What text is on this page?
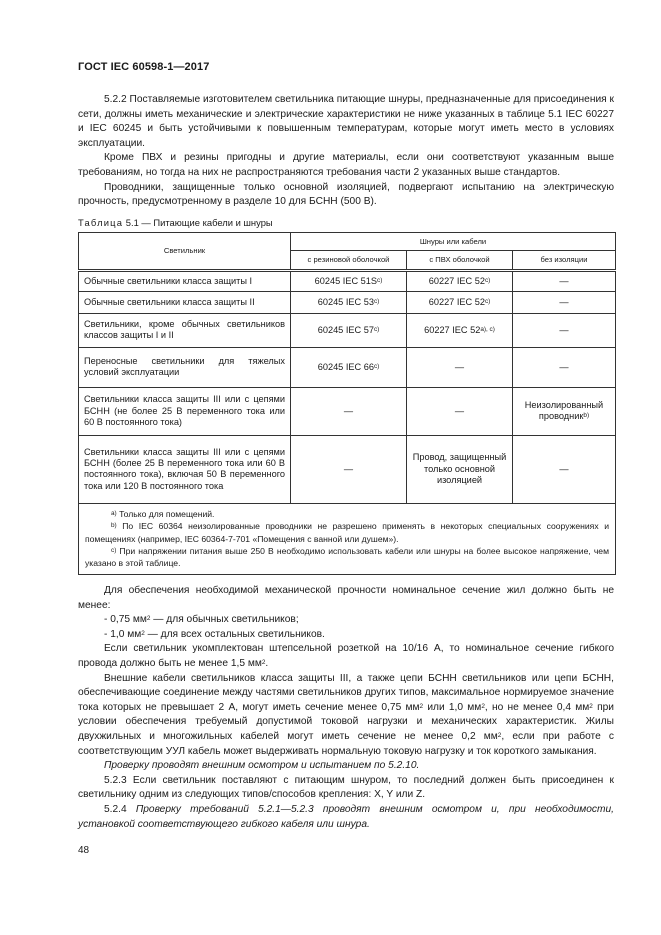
ГОСТ IEC 60598-1—2017

5.2.2 Поставляемые изготовителем светильника питающие шнуры, предназначенные для присоединения к сети, должны иметь механические и электрические характеристики не ниже указанных в таблице 5.1 IEC 60227 и IEC 60245 и быть устойчивыми к повышенным температурам, которые могут иметь место в условиях эксплуатации.

Кроме ПВХ и резины пригодны и другие материалы, если они соответствуют указанным выше требованиям, но тогда на них не распространяются требования части 2 указанных выше стандартов.

Проводники, защищенные только основной изоляцией, подвергают испытанию на электрическую прочность, предусмотренному в разделе 10 для БСНН (500 В).

Таблица 5.1 — Питающие кабели и шнуры
Светильник	Шнуры или кабели		
	с резиновой оболочкой	с ПВХ оболочкой	без изоляции
Обычные светильники класса защиты I	60245 IEC $51S^{c)}$	60227 IEC 52$^{c)}$	—
Обычные светильники класса защиты II	60245 IEC 53$^{c)}$	60227 IEC 52$^{c)}$	—
Светильники, кроме обычных светильников классов защиты I и II	60245 IEC 57$^{c)}$	60227 IEC $52^{a), c)}$	—
Переносные светильники для тяжелых условий эксплуатации	60245 IEC 66$^{c)}$	—	—
Светильники класса защиты III или с цепями БСНН (не более 25 В переменного тока или 60 В постоянного тока)	—	—	Неизолированный проводник$^{b)}$
Светильники класса защиты III или с цепями БСНН (более 25 В переменного тока или 60 В постоянного тока), включая 50 В переменного тока или 120 В постоянного тока	—	Провод, защищенный только основной изоляцией	—

$^{a)}$ Только для помещений.

$^{b)}$ По IEC 60364 неизолированные проводники не разрешено применять в некоторых специальных сооружениях и помещениях (например, IEC 60364-7-701 «Помещения с ванной или душем»).

$^{c)}$ При напряжении питания выше 250 В необходимо использовать кабели или шнуры на более высокое напряжение, чем указано в этой таблице.			

Для обеспечения необходимой механической прочности номинальное сечение жил должно быть не менее:

- 0,75 $мм^2$ — для обычных светильников;

- 1,0 $мм^2$ — для всех остальных светильников.

Если светильник укомплектован штепсельной розеткой на 10/16 А, то номинальное сечение гибкого провода должно быть не менее 1,5 $мм^2$.

Внешние кабели светильников класса защиты III, а также цепи БСНН светильников или цепи БСНН, обеспечивающие соединение между частями светильников других типов, максимальное нормируемое значение тока которых не превышает 2 А, могут иметь сечение менее 0,75 $мм^2$ или 1,0 $мм^2$, но не менее 0,4 $мм^2$ при условии обеспечения требуемый допустимой токовой нагрузки и механических характеристик. Жилы двухжильных и многожильных кабелей могут иметь сечение не менее 0,2 $мм^2$, если при работе с соответствующим УУЛ кабель может выдерживать нормальную токовую нагрузку и ток короткого замыкания.

Проверку проводят внешним осмотром и испытанием по 5.2.10.

5.2.3 Если светильник поставляют с питающим шнуром, то последний должен быть присоединен к светильнику одним из следующих типов/способов крепления: X, Y или Z.

5.2.4 Проверку требований 5.2.1—5.2.3 проводят внешним осмотром и, при необходимости, установкой соответствующего гибкого кабеля или шнура.

48
